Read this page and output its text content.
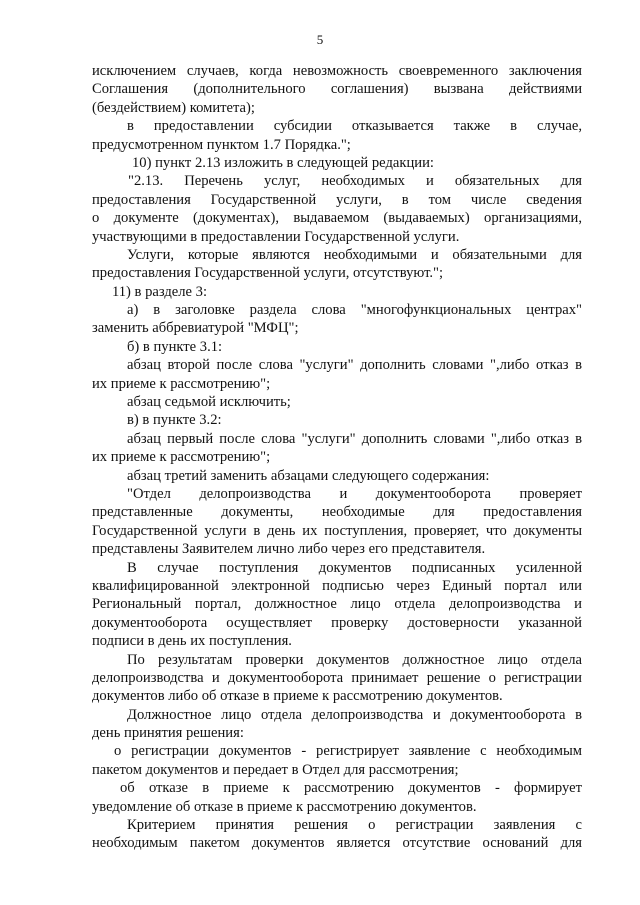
5
исключением случаев, когда невозможность своевременного заключения
Соглашения (дополнительного соглашения) вызвана действиями
(бездействием) комитета);
в предоставлении субсидии отказывается также в случае,
предусмотренном пунктом 1.7 Порядка.";
10) пункт 2.13 изложить в следующей редакции:
"2.13. Перечень услуг, необходимых и обязательных для
предоставления Государственной услуги, в том числе сведения
о документе (документах), выдаваемом (выдаваемых) организациями,
участвующими в предоставлении Государственной услуги.
Услуги, которые являются необходимыми и обязательными для
предоставления Государственной услуги, отсутствуют.";
11) в разделе 3:
а) в заголовке раздела слова "многофункциональных центрах"
заменить аббревиатурой "МФЦ";
б) в пункте 3.1:
абзац второй после слова "услуги" дополнить словами ",либо отказ в
их приеме к рассмотрению";
абзац седьмой исключить;
в) в пункте 3.2:
абзац первый после слова "услуги" дополнить словами ",либо отказ в
их приеме к рассмотрению";
абзац третий заменить абзацами следующего содержания:
"Отдел делопроизводства и документооборота проверяет
представленные документы, необходимые для предоставления
Государственной услуги в день их поступления, проверяет, что документы
представлены Заявителем лично либо через его представителя.
В случае поступления документов подписанных усиленной
квалифицированной электронной подписью через Единый портал или
Региональный портал, должностное лицо отдела делопроизводства и
документооборота осуществляет проверку достоверности указанной
подписи в день их поступления.
По результатам проверки документов должностное лицо отдела
делопроизводства и документооборота принимает решение о регистрации
документов либо об отказе в приеме к рассмотрению документов.
Должностное лицо отдела делопроизводства и документооборота в
день принятия решения:
о регистрации документов - регистрирует заявление с необходимым
пакетом документов и передает в Отдел для рассмотрения;
об отказе в приеме к рассмотрению документов - формирует
уведомление об отказе в приеме к рассмотрению документов.
Критерием принятия решения о регистрации заявления с
необходимым пакетом документов является отсутствие оснований для
